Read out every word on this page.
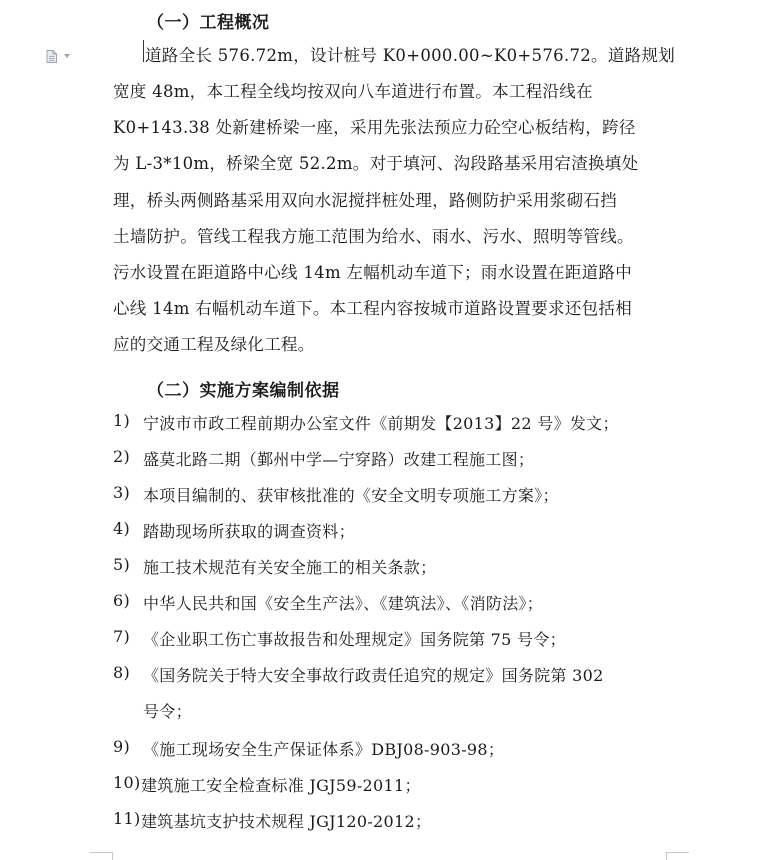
（一）工程概况
道路全长 576.72m，设计桩号 K0+000.00~K0+576.72。道路规划
宽度 48m，本工程全线均按双向八车道进行布置。本工程沿线在
K0+143.38 处新建桥梁一座，采用先张法预应力砼空心板结构，跨径
为 L-3*10m，桥梁全宽 52.2m。对于填河、沟段路基采用宕渣换填处
理，桥头两侧路基采用双向水泥搅拌桩处理，路侧防护采用浆砌石挡
土墙防护。管线工程我方施工范围为给水、雨水、污水、照明等管线。
污水设置在距道路中心线 14m 左幅机动车道下；雨水设置在距道路中
心线 14m 右幅机动车道下。本工程内容按城市道路设置要求还包括相
应的交通工程及绿化工程。
（二）实施方案编制依据
1) 宁波市市政工程前期办公室文件《前期发【2013】22 号》发文；
2) 盛莫北路二期（鄞州中学—宁穿路）改建工程施工图；
3) 本项目编制的、获审核批准的《安全文明专项施工方案》；
4) 踏勘现场所获取的调查资料；
5) 施工技术规范有关安全施工的相关条款；
6) 中华人民共和国《安全生产法》、《建筑法》、《消防法》；
7) 《企业职工伤亡事故报告和处理规定》国务院第 75 号令；
8) 《国务院关于特大安全事故行政责任追究的规定》国务院第 302
号令；
9) 《施工现场安全生产保证体系》DBJ08-903-98；
10) 建筑施工安全检查标准 JGJ59-2011；
11) 建筑基坑支护技术规程 JGJ120-2012；
